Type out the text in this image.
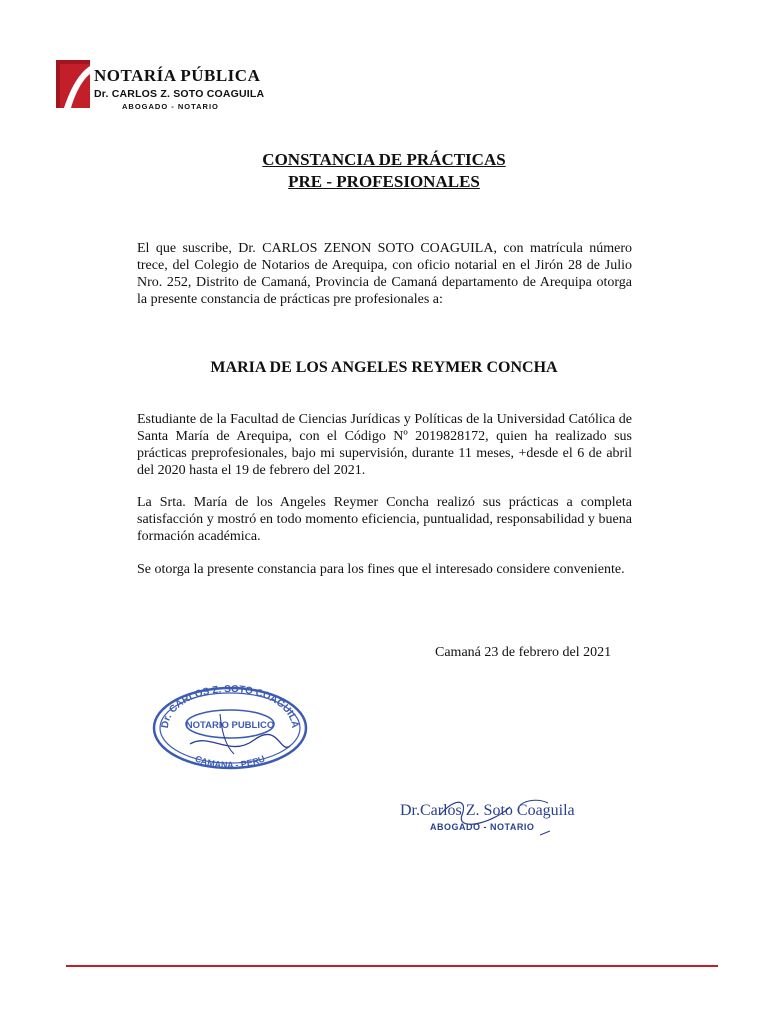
NOTARÍA PÚBLICA
Dr. CARLOS Z. SOTO COAGUILA
ABOGADO - NOTARIO
CONSTANCIA DE PRÁCTICAS
PRE - PROFESIONALES

El que suscribe, Dr. CARLOS ZENON SOTO COAGUILA, con matrícula número trece, del Colegio de Notarios de Arequipa, con oficio notarial en el Jirón 28 de Julio Nro. 252, Distrito de Camaná, Provincia de Camaná departamento de Arequipa otorga la presente constancia de prácticas pre profesionales a:

MARIA DE LOS ANGELES REYMER CONCHA

Estudiante de la Facultad de Ciencias Jurídicas y Políticas de la Universidad Católica de Santa María de Arequipa, con el Código Nº 2019828172, quien ha realizado sus prácticas preprofesionales, bajo mi supervisión, durante 11 meses, +desde el 6 de abril del 2020 hasta el 19 de febrero del 2021.

La Srta. María de los Angeles Reymer Concha realizó sus prácticas a completa satisfacción y mostró en todo momento eficiencia, puntualidad, responsabilidad y buena formación académica.

Se otorga la presente constancia para los fines que el interesado considere conveniente.

Camaná 23 de febrero del 2021
Dr. CARLOS Z. SOTO COAGUILA
NOTARIO PUBLICO
CAMANA - PERU
Dr.Carlos Z. Soto Coaguila
ABOGADO - NOTARIO
